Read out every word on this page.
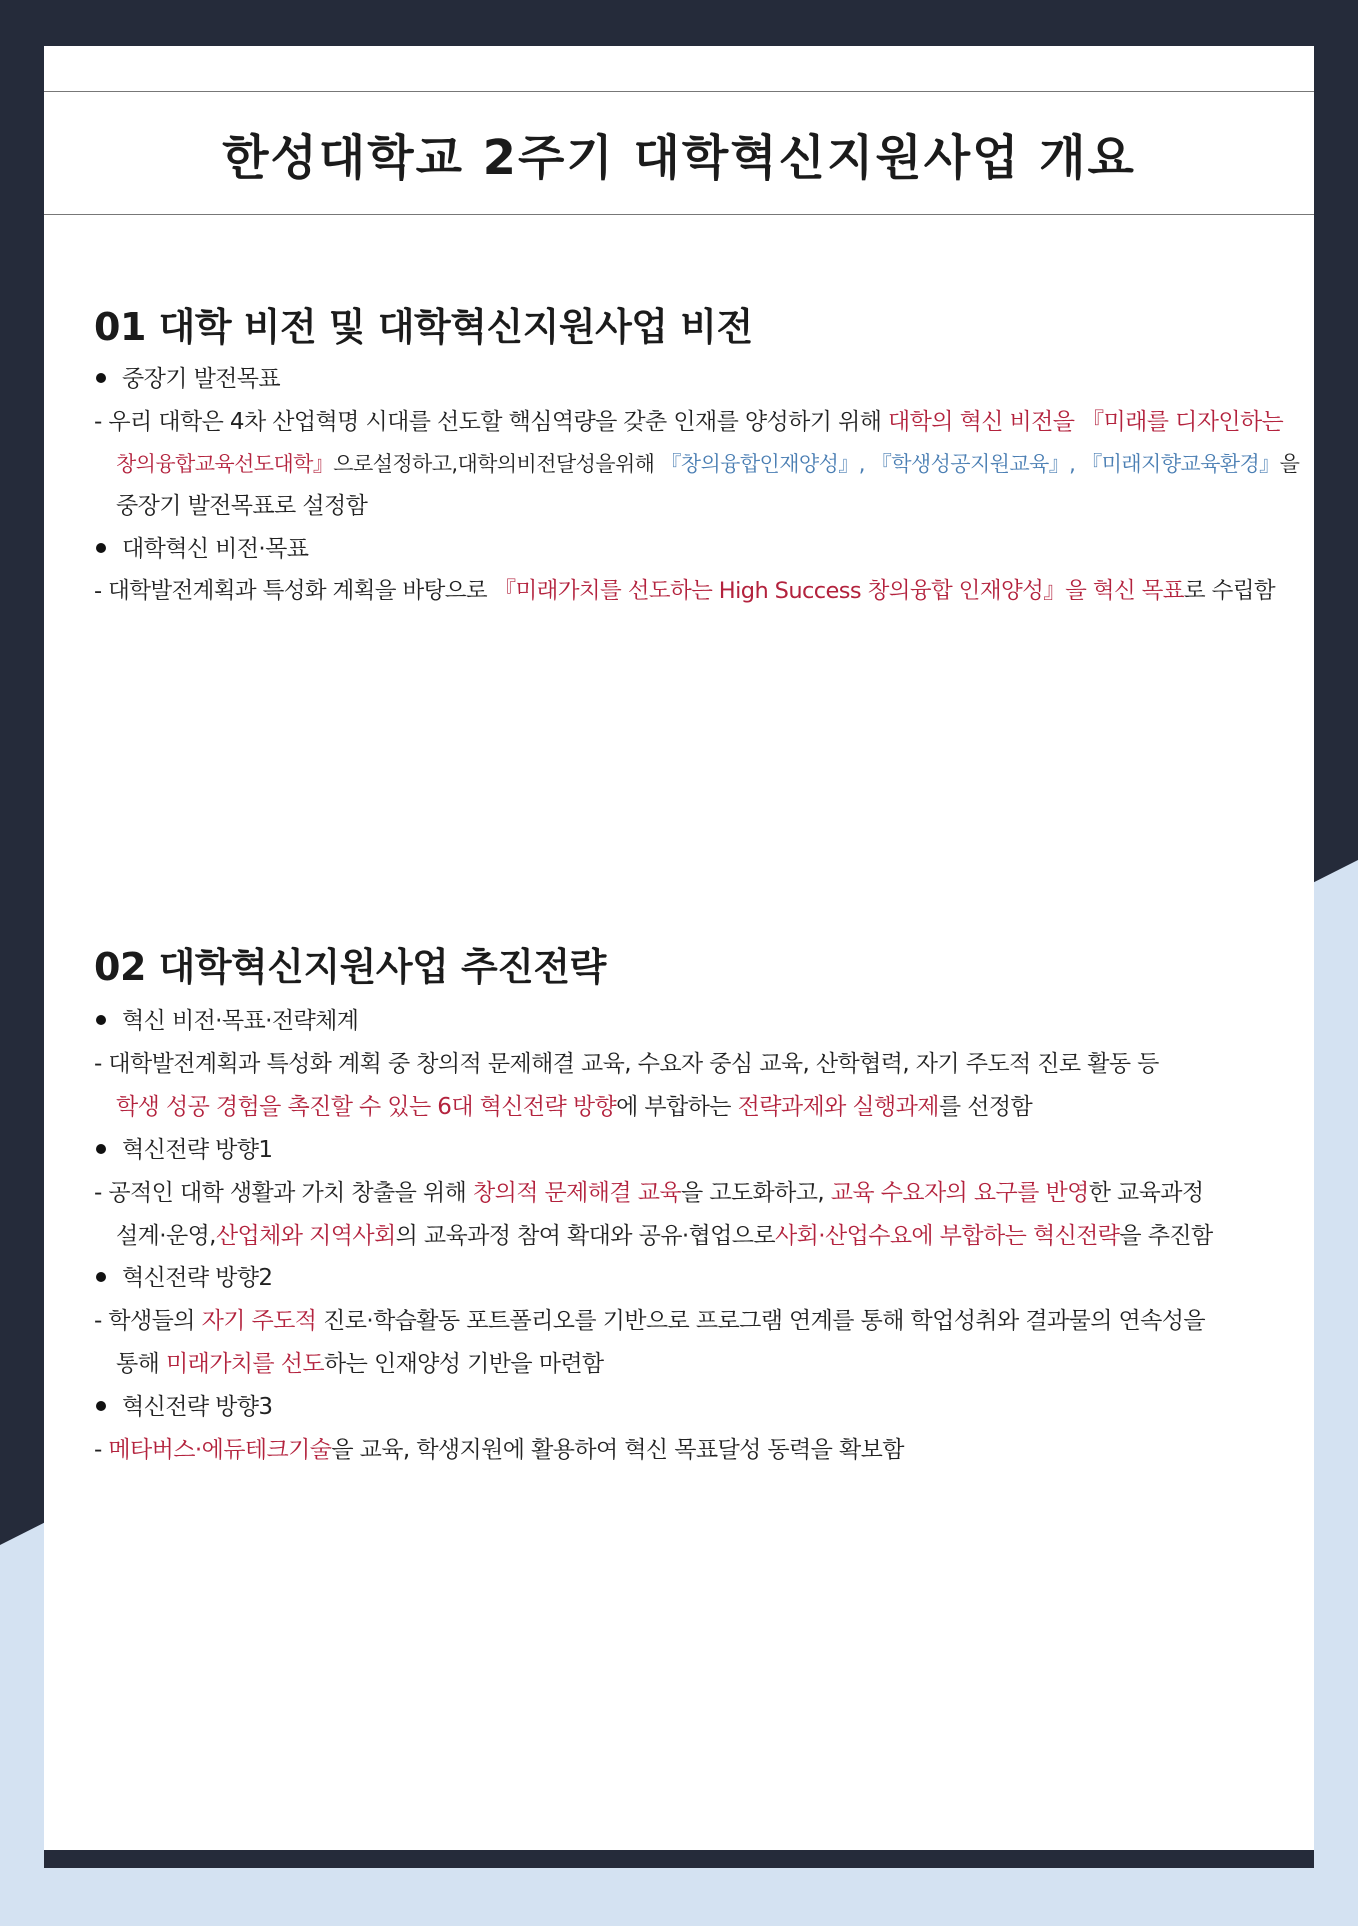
한성대학교 2주기 대학혁신지원사업 개요
01 대학 비전 및 대학혁신지원사업 비전
중장기 발전목표
- 우리 대학은 4차 산업혁명 시대를 선도할 핵심역량을 갖춘 인재를 양성하기 위해 대학의 혁신 비전을 『미래를 디자인하는
창의융합교육선도대학』으로설정하고,대학의비전달성을위해 『창의융합인재양성』, 『학생성공지원교육』, 『미래지향교육환경』을
중장기 발전목표로 설정함
대학혁신 비전·목표
- 대학발전계획과 특성화 계획을 바탕으로 『미래가치를 선도하는 High Success 창의융합 인재양성』을 혁신 목표로 수립함
02 대학혁신지원사업 추진전략
혁신 비전·목표·전략체계
- 대학발전계획과 특성화 계획 중 창의적 문제해결 교육, 수요자 중심 교육, 산학협력, 자기 주도적 진로 활동 등
학생 성공 경험을 촉진할 수 있는 6대 혁신전략 방향에 부합하는 전략과제와 실행과제를 선정함
혁신전략 방향1
- 공적인 대학 생활과 가치 창출을 위해 창의적 문제해결 교육을 고도화하고, 교육 수요자의 요구를 반영한 교육과정
설계·운영,산업체와 지역사회의 교육과정 참여 확대와 공유·협업으로사회·산업수요에 부합하는 혁신전략을 추진함
혁신전략 방향2
- 학생들의 자기 주도적 진로·학습활동 포트폴리오를 기반으로 프로그램 연계를 통해 학업성취와 결과물의 연속성을
통해 미래가치를 선도하는 인재양성 기반을 마련함
혁신전략 방향3
- 메타버스·에듀테크기술을 교육, 학생지원에 활용하여 혁신 목표달성 동력을 확보함
